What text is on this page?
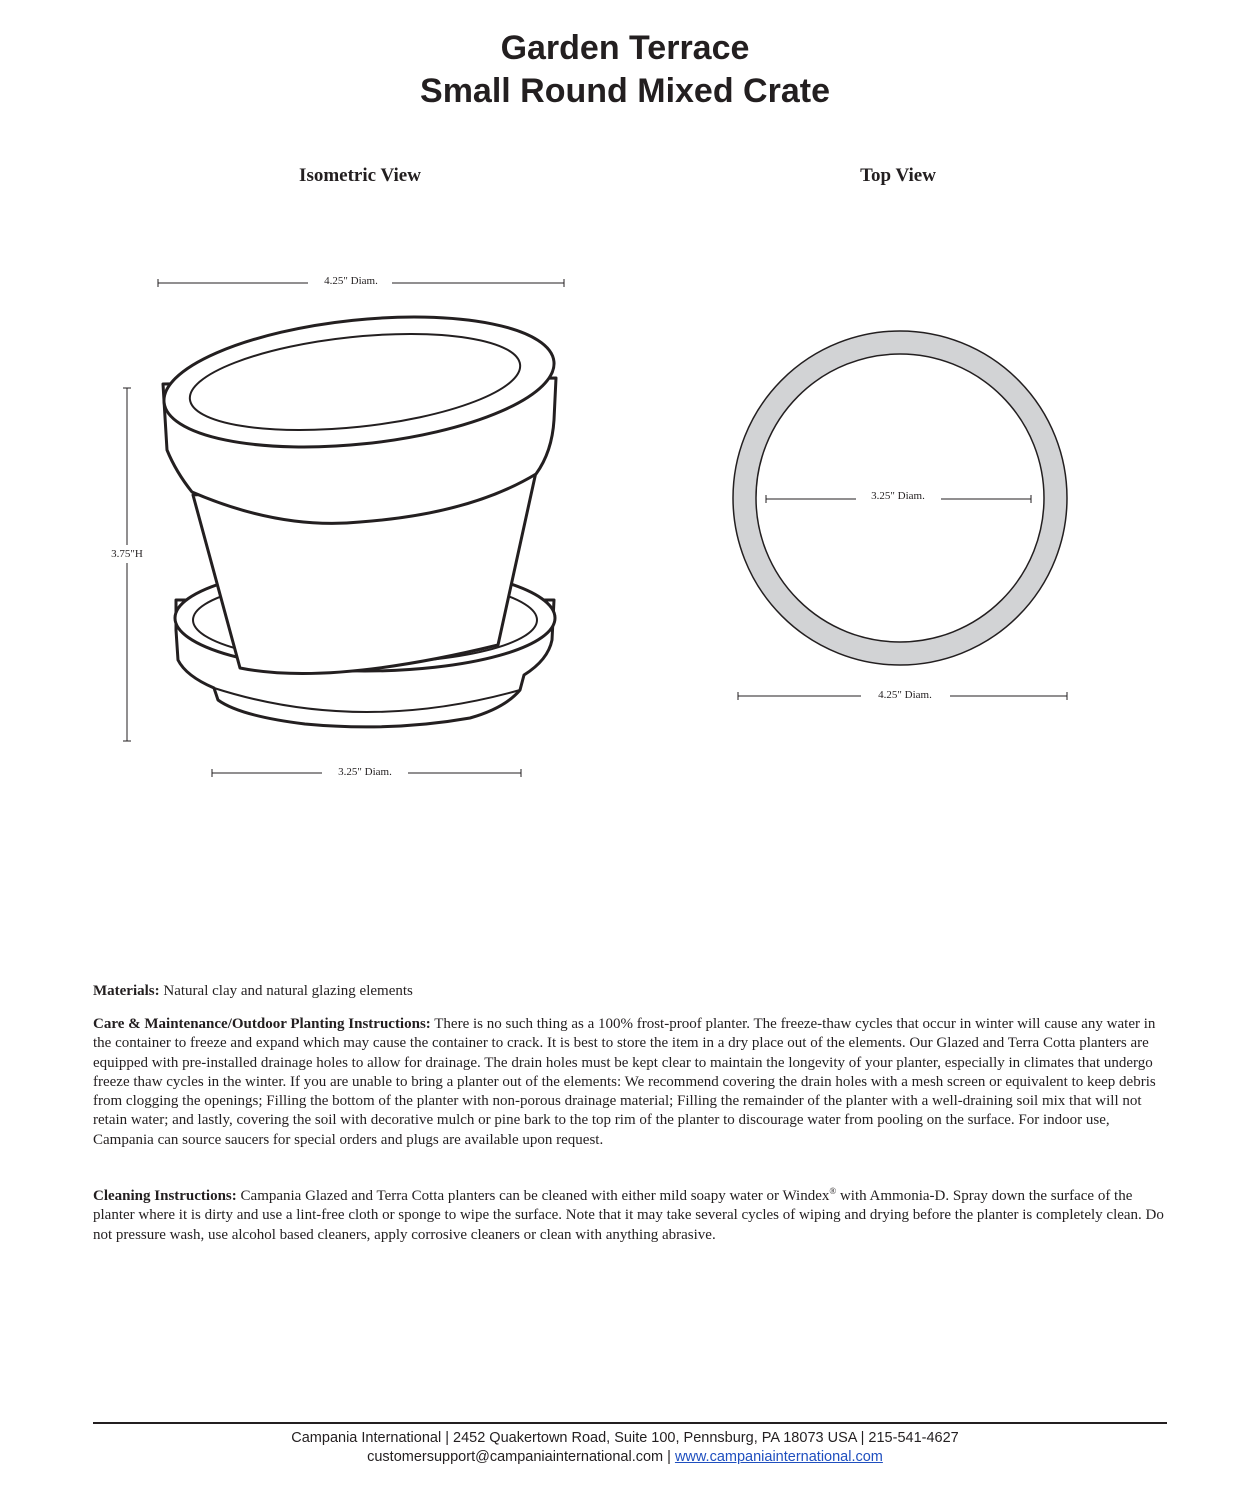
Garden Terrace
Small Round Mixed Crate
Isometric View	Top View
4.25" Diam.
3.75"H
3.25" Diam.
3.25" Diam.
4.25" Diam.

Materials: Natural clay and natural glazing elements

Care & Maintenance/Outdoor Planting Instructions: There is no such thing as a 100% frost-proof planter. The freeze-thaw cycles that occur in winter will cause any water in the container to freeze and expand which may cause the container to crack. It is best to store the item in a dry place out of the elements. Our Glazed and Terra Cotta planters are equipped with pre-installed drainage holes to allow for drainage. The drain holes must be kept clear to maintain the longevity of your planter, especially in climates that undergo freeze thaw cycles in the winter. If you are unable to bring a planter out of the elements: We recommend covering the drain holes with a mesh screen or equivalent to keep debris from clogging the openings; Filling the bottom of the planter with non-porous drainage material; Filling the remainder of the planter with a well-draining soil mix that will not retain water; and lastly, covering the soil with decorative mulch or pine bark to the top rim of the planter to discourage water from pooling on the surface. For indoor use, Campania can source saucers for special orders and plugs are available upon request.

Cleaning Instructions: Campania Glazed and Terra Cotta planters can be cleaned with either mild soapy water or Windex® with Ammonia-D. Spray down the surface of the planter where it is dirty and use a lint-free cloth or sponge to wipe the surface. Note that it may take several cycles of wiping and drying before the planter is completely clean. Do not pressure wash, use alcohol based cleaners, apply corrosive cleaners or clean with anything abrasive.

Campania International | 2452 Quakertown Road, Suite 100, Pennsburg, PA 18073 USA | 215-541-4627
customersupport@campaniainternational.com | www.campaniainternational.com
